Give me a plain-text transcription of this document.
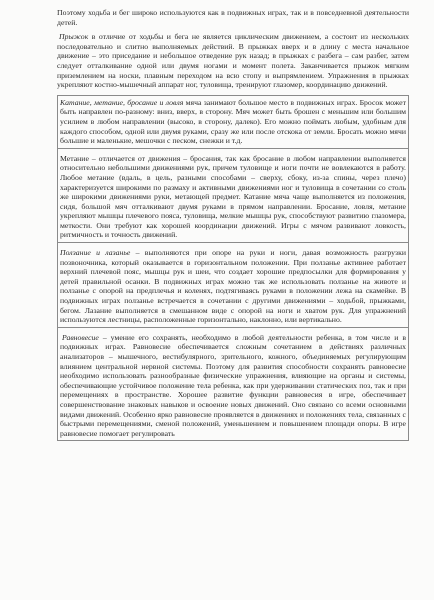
Поэтому ходьба и бег широко используются как в подвижных играх, так и в повседневной деятельности детей.

Прыжок в отличие от ходьбы и бега не является циклическим движением, а состоит из нескольких последовательно и слитно выполняемых действий. В прыжках вверх и в длину с места начальное движение – это приседание и небольшое отведение рук назад; в прыжках с разбега – сам разбег, затем следует отталкивание одной или двумя ногами и момент полета. Заканчивается прыжок мягким приземлением на носки, плавным переходом на всю стопу и выпрямлением. Упражнения в прыжках укрепляют костно-мышечный аппарат ног, туловища, тренируют глазомер, координацию движений.

Катание, метание, бросание и ловля мяча занимают большое место в подвижных играх. Бросок может быть направлен по-разному: вниз, вверх, в сторону. Мяч может быть брошен с меньшим или большим усилием в любом направлении (высоко, в сторону, далеко). Его можно поймать любым, удобным для каждого способом, одной или двумя руками, сразу же или после отскока от земли. Бросать можно мячи большие и маленькие, мешочки с песком, снежки и т.д.

Метание – отличается от движения – бросания, так как бросание в любом направлении выполняется относительно небольшими движениями рук, причем туловище и ноги почти не вовлекаются в работу. Любое метание (вдаль, в цель, разными способами – сверху, сбоку, из-за спины, через плечо) характеризуется широкими по размаху и активными движениями ног и туловища в сочетании со столь же широкими движениями руки, метающей предмет. Катание мяча чаще выполняется из положения, сидя, большой мяч отталкивают двумя руками в прямом направлении. Бросание, ловля, метание укрепляют мышцы плечевого пояса, туловища, мелкие мышцы рук, способствуют развитию глазомера, меткости. Они требуют как хорошей координации движений. Игры с мячом развивают ловкость, ритмичность и точность движений.

Ползание и лазанье – выполняются при опоре на руки и ноги, давая возможность разгрузки позвоночника, который оказывается в горизонтальном положении. При ползанье активнее работает верхний плечевой пояс, мышцы рук и шеи, что создает хорошие предпосылки для формирования у детей правильной осанки. В подвижных играх можно так же использовать ползанье на животе и ползанье с опорой на предплечья и коленях, подтягиваясь руками в положении лежа на скамейке. В подвижных играх ползанье встречается в сочетании с другими движениями – ходьбой, прыжками, бегом. Лазание выполняется в смешанном виде с опорой на ноги и хватом рук. Для упражнений используются лестницы, расположенные горизонтально, наклонно, или вертикально.

Равновесие – умение его сохранять, необходимо в любой деятельности ребенка, в том числе и в подвижных играх. Равновесие обеспечивается сложным сочетанием в действиях различных анализаторов – мышечного, вестибулярного, зрительного, кожного, объединяемых регулирующим влиянием центральной нервной системы. Поэтому для развития способности сохранять равновесие необходимо использовать разнообразные физические упражнения, влияющие на органы и системы, обеспечивающие устойчивое положение тела ребенка, как при удерживании статических поз, так и при перемещениях в пространстве. Хорошее развитие функции равновесия в игре, обеспечивает совершенствование знаковых навыков и освоение новых движений. Оно связано со всеми основными видами движений. Особенно ярко равновесие проявляется в движениях и положениях тела, связанных с быстрыми перемещениями, сменой положений, уменьшением и повышением площади опоры. В игре равновесие помогает регулировать
